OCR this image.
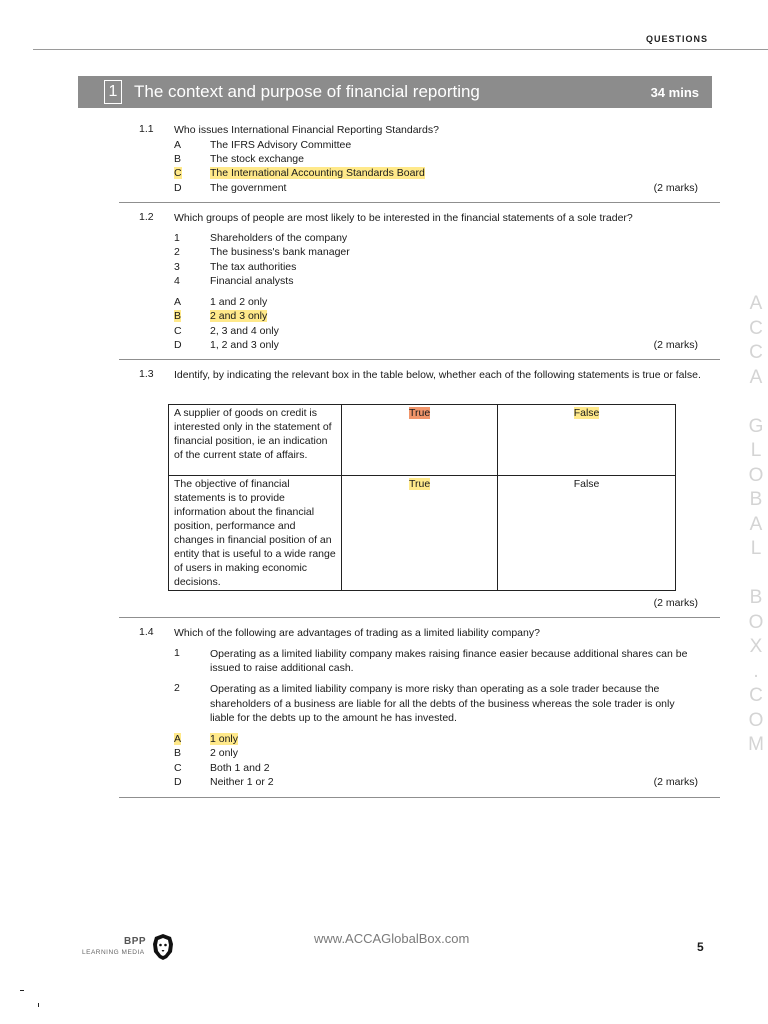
QUESTIONS
1 The context and purpose of financial reporting	34 mins
1.1 Who issues International Financial Reporting Standards?
A	The IFRS Advisory Committee
B	The stock exchange
C	The International Accounting Standards Board
D	The government	(2 marks)
1.2 Which groups of people are most likely to be interested in the financial statements of a sole trader?
1	Shareholders of the company
2	The business's bank manager
3	The tax authorities
4	Financial analysts
A	1 and 2 only
B	2 and 3 only
C	2, 3 and 4 only
D	1, 2 and 3 only	(2 marks)
1.3 Identify, by indicating the relevant box in the table below, whether each of the following statements is true or false.
A supplier of goods on credit is interested only in the statement of financial position, ie an indication of the current state of affairs.	True	False
The objective of financial statements is to provide information about the financial position, performance and changes in financial position of an entity that is useful to a wide range of users in making economic decisions.	True	False
(2 marks)
1.4 Which of the following are advantages of trading as a limited liability company?
1	Operating as a limited liability company makes raising finance easier because additional shares can be issued to raise additional cash.
2	Operating as a limited liability company is more risky than operating as a sole trader because the shareholders of a business are liable for all the debts of the business whereas the sole trader is only liable for the debts up to the amount he has invested.
A	1 only
B	2 only
C	Both 1 and 2
D	Neither 1 or 2	(2 marks)
A
C
C
A

G
L
O
B
A
L

B
O
X
.
C
O
M
BPP
LEARNING MEDIA
www.ACCAGlobalBox.com
5
